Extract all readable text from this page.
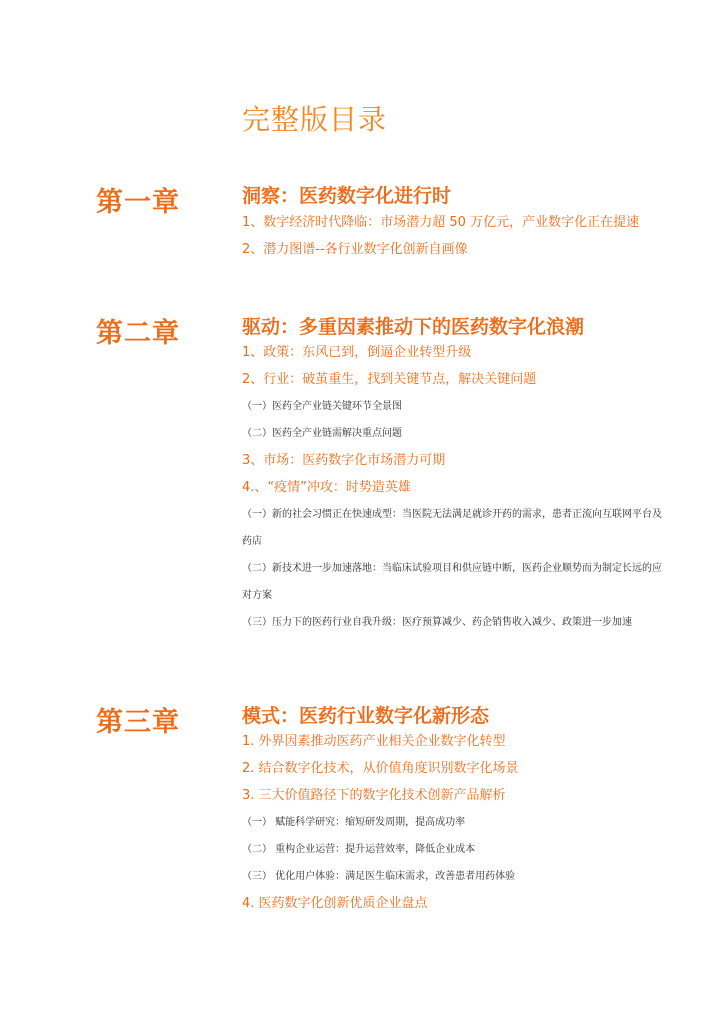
完整版目录
第一章	洞察：医药数字化进行时
1、数字经济时代降临：市场潜力超 50 万亿元，产业数字化正在提速
2、潜力图谱--各行业数字化创新自画像
第二章	驱动：多重因素推动下的医药数字化浪潮
1、政策：东风已到，倒逼企业转型升级
2、行业：破茧重生，找到关键节点，解决关键问题
（一）医药全产业链关键环节全景图
（二）医药全产业链需解决重点问题
3、市场：医药数字化市场潜力可期
4.、“疫情”冲攻：时势造英雄
（一）新的社会习惯正在快速成型：当医院无法满足就诊开药的需求，患者正流向互联网平台及药店
（二）新技术进一步加速落地：当临床试验项目和供应链中断，医药企业顺势而为制定长远的应对方案
（三）压力下的医药行业自我升级：医疗预算减少、药企销售收入减少、政策进一步加速
第三章	模式：医药行业数字化新形态
1. 外界因素推动医药产业相关企业数字化转型
2. 结合数字化技术，从价值角度识别数字化场景
3. 三大价值路径下的数字化技术创新产品解析
（一） 赋能科学研究：缩短研发周期，提高成功率
（二） 重构企业运营：提升运营效率，降低企业成本
（三） 优化用户体验：满足医生临床需求，改善患者用药体验
4. 医药数字化创新优质企业盘点
